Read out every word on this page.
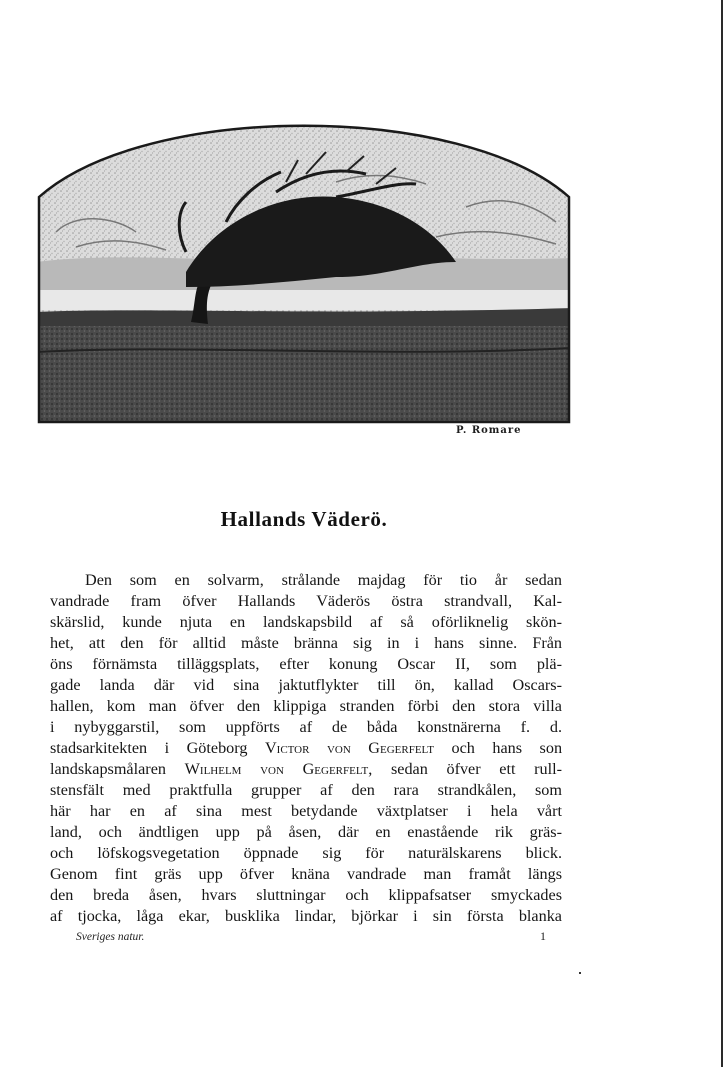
P. Romare
Hallands Väderö.
Den som en solvarm, strålande majdag för tio år sedan
vandrade fram öfver Hallands Väderös östra strandvall, Kal-
skärslid, kunde njuta en landskapsbild af så oförliknelig skön-
het, att den för alltid måste bränna sig in i hans sinne. Från
öns förnämsta tilläggsplats, efter konung Oscar II, som plä-
gade landa där vid sina jaktutflykter till ön, kallad Oscars-
hallen, kom man öfver den klippiga stranden förbi den stora villa
i nybyggarstil, som uppförts af de båda konstnärerna f. d.
stadsarkitekten i Göteborg Victor von Gegerfelt och hans son
landskapsmålaren Wilhelm von Gegerfelt, sedan öfver ett rull-
stensfält med praktfulla grupper af den rara strandkålen, som
här har en af sina mest betydande växtplatser i hela vårt
land, och ändtligen upp på åsen, där en enastående rik gräs-
och löfskogsvegetation öppnade sig för naturälskarens blick.
Genom fint gräs upp öfver knäna vandrade man framåt längs
den breda åsen, hvars sluttningar och klippafsatser smyckades
af tjocka, låga ekar, busklika lindar, björkar i sin första blanka
Sveriges natur.	1
